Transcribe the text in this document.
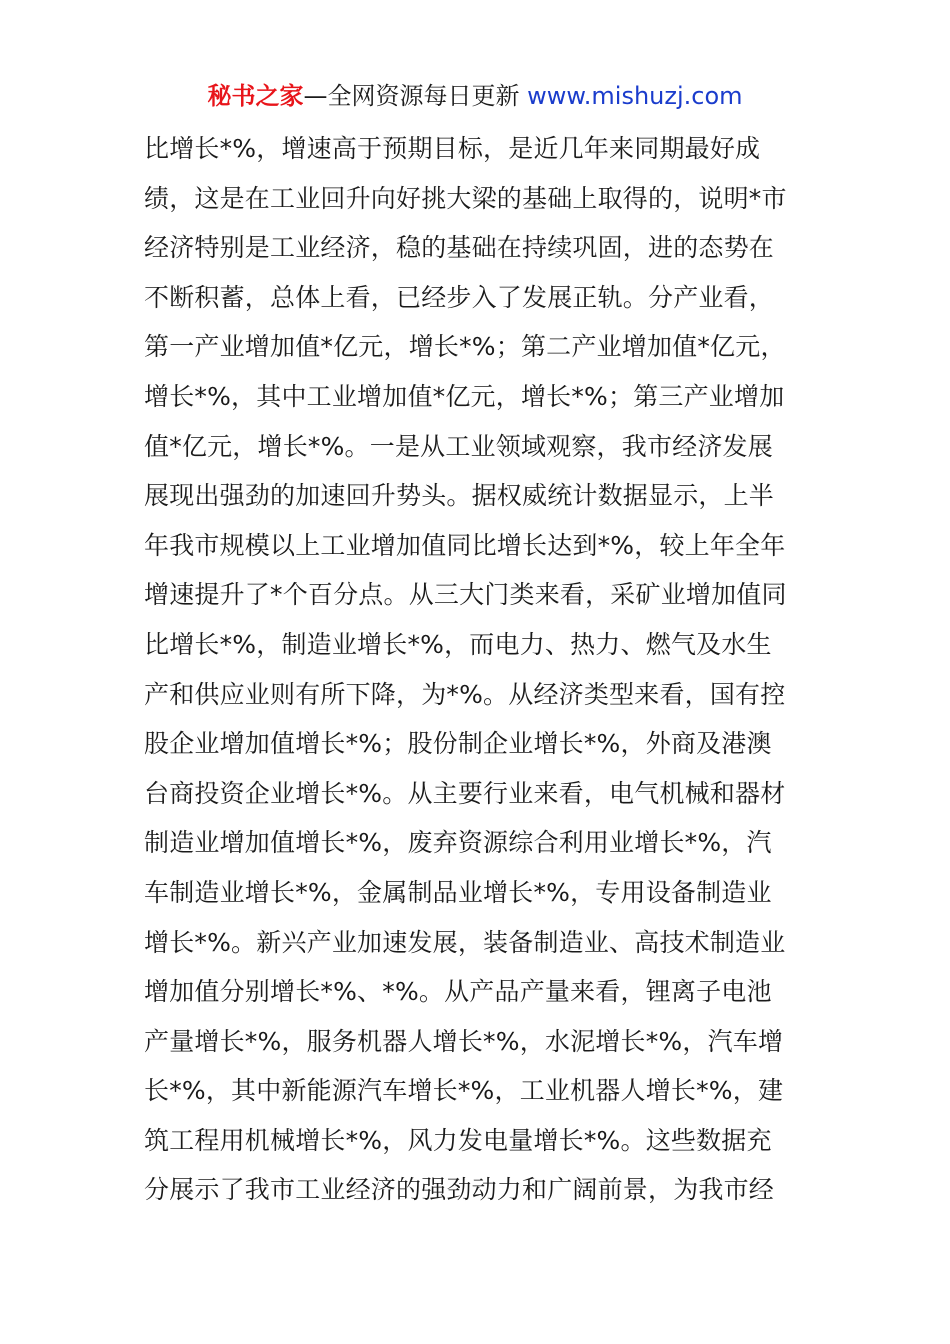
秘书之家—全网资源每日更新 www.mishuzj.com
比增长*%，增速高于预期目标，是近几年来同期最好成
绩，这是在工业回升向好挑大梁的基础上取得的，说明*市
经济特别是工业经济，稳的基础在持续巩固，进的态势在
不断积蓄，总体上看，已经步入了发展正轨。分产业看，
第一产业增加值*亿元，增长*%；第二产业增加值*亿元，
增长*%，其中工业增加值*亿元，增长*%；第三产业增加
值*亿元，增长*%。一是从工业领域观察，我市经济发展
展现出强劲的加速回升势头。据权威统计数据显示，上半
年我市规模以上工业增加值同比增长达到*%，较上年全年
增速提升了*个百分点。从三大门类来看，采矿业增加值同
比增长*%，制造业增长*%，而电力、热力、燃气及水生
产和供应业则有所下降，为*%。从经济类型来看，国有控
股企业增加值增长*%；股份制企业增长*%，外商及港澳
台商投资企业增长*%。从主要行业来看，电气机械和器材
制造业增加值增长*%，废弃资源综合利用业增长*%，汽
车制造业增长*%，金属制品业增长*%，专用设备制造业
增长*%。新兴产业加速发展，装备制造业、高技术制造业
增加值分别增长*%、*%。从产品产量来看，锂离子电池
产量增长*%，服务机器人增长*%，水泥增长*%，汽车增
长*%，其中新能源汽车增长*%，工业机器人增长*%，建
筑工程用机械增长*%，风力发电量增长*%。这些数据充
分展示了我市工业经济的强劲动力和广阔前景，为我市经
